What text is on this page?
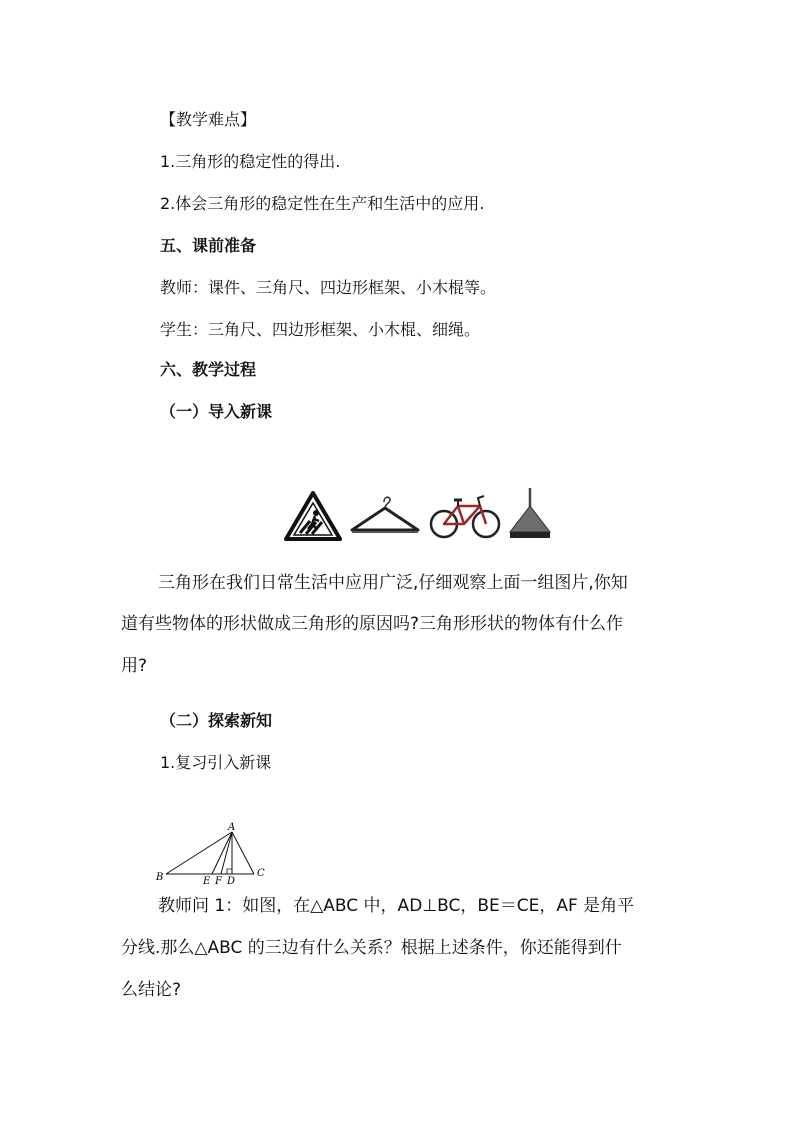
【教学难点】
1.三角形的稳定性的得出.
2.体会三角形的稳定性在生产和生活中的应用.
五、课前准备
教师：课件、三角尺、四边形框架、小木棍等。
学生：三角尺、四边形框架、小木棍、细绳。
六、教学过程
（一）导入新课
三角形在我们日常生活中应用广泛,仔细观察上面一组图片,你知
道有些物体的形状做成三角形的原因吗?三角形形状的物体有什么作
用?
（二）探索新知
1.复习引入新课
A
B	C
E F D
教师问 1：如图，在△ABC 中，AD⊥BC，BE＝CE，AF 是角平
分线.那么△ABC 的三边有什么关系？根据上述条件，你还能得到什
么结论?
